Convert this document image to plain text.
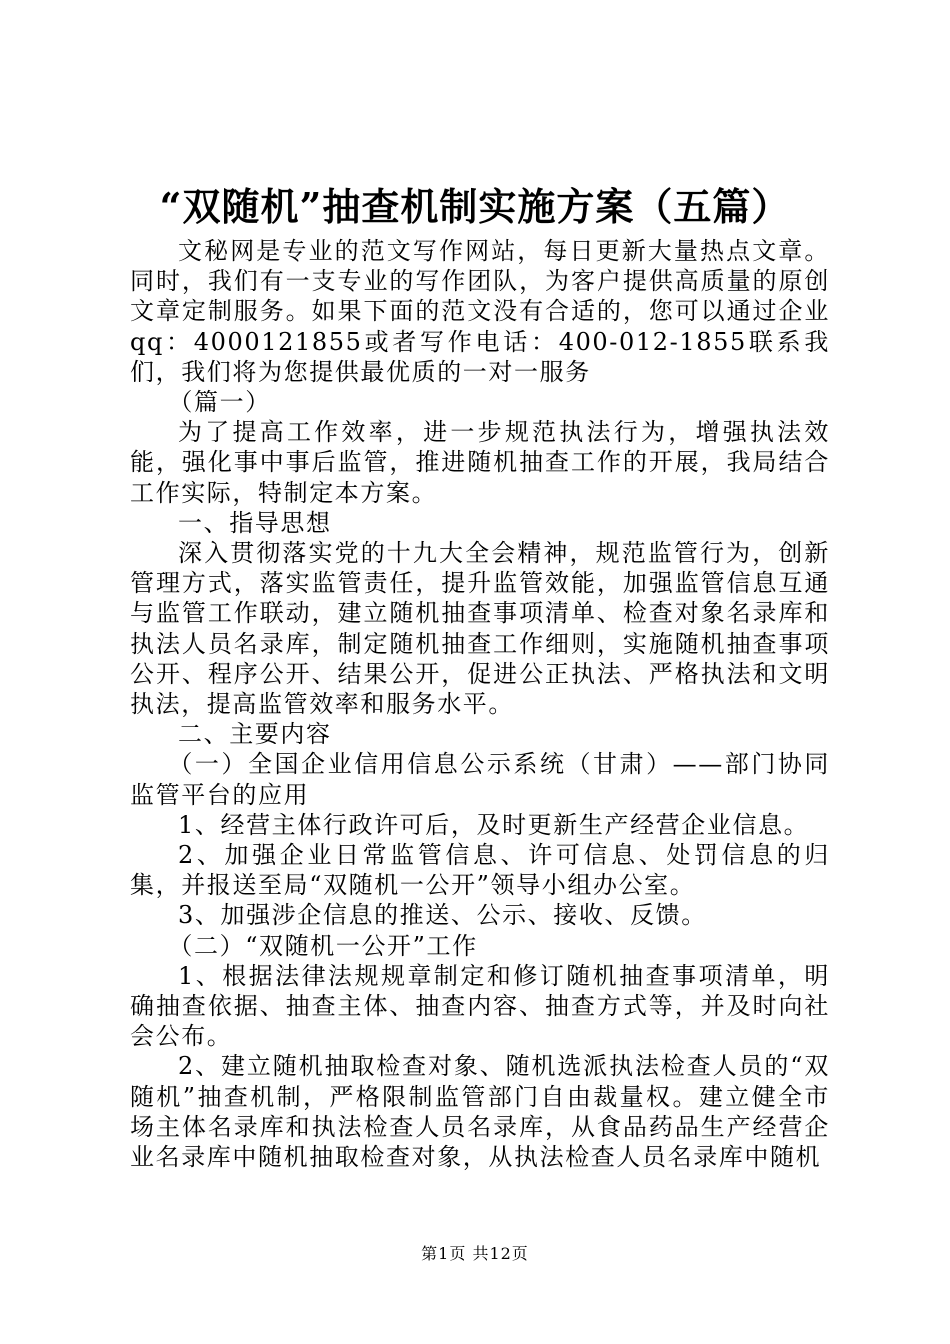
“双随机”抽查机制实施方案（五篇）

文秘网是专业的范文写作网站，每日更新大量热点文章。同时，我们有一支专业的写作团队，为客户提供高质量的原创文章定制服务。如果下面的范文没有合适的，您可以通过企业qq：4000121855或者写作电话：400-012-1855联系我们，我们将为您提供最优质的一对一服务

（篇一）

为了提高工作效率，进一步规范执法行为，增强执法效能，强化事中事后监管，推进随机抽查工作的开展，我局结合工作实际，特制定本方案。

一、指导思想

深入贯彻落实党的十九大全会精神，规范监管行为，创新管理方式，落实监管责任，提升监管效能，加强监管信息互通与监管工作联动，建立随机抽查事项清单、检查对象名录库和执法人员名录库，制定随机抽查工作细则，实施随机抽查事项公开、程序公开、结果公开，促进公正执法、严格执法和文明执法，提高监管效率和服务水平。

二、主要内容

（一）全国企业信用信息公示系统（甘肃）——部门协同监管平台的应用

1、经营主体行政许可后，及时更新生产经营企业信息。

2、加强企业日常监管信息、许可信息、处罚信息的归集，并报送至局“双随机一公开”领导小组办公室。

3、加强涉企信息的推送、公示、接收、反馈。

（二）“双随机一公开”工作

1、根据法律法规规章制定和修订随机抽查事项清单，明确抽查依据、抽查主体、抽查内容、抽查方式等，并及时向社会公布。

2、建立随机抽取检查对象、随机选派执法检查人员的“双随机”抽查机制，严格限制监管部门自由裁量权。建立健全市场主体名录库和执法检查人员名录库，从食品药品生产经营企业名录库中随机抽取检查对象，从执法检查人员名录库中随机

第1页 共12页
